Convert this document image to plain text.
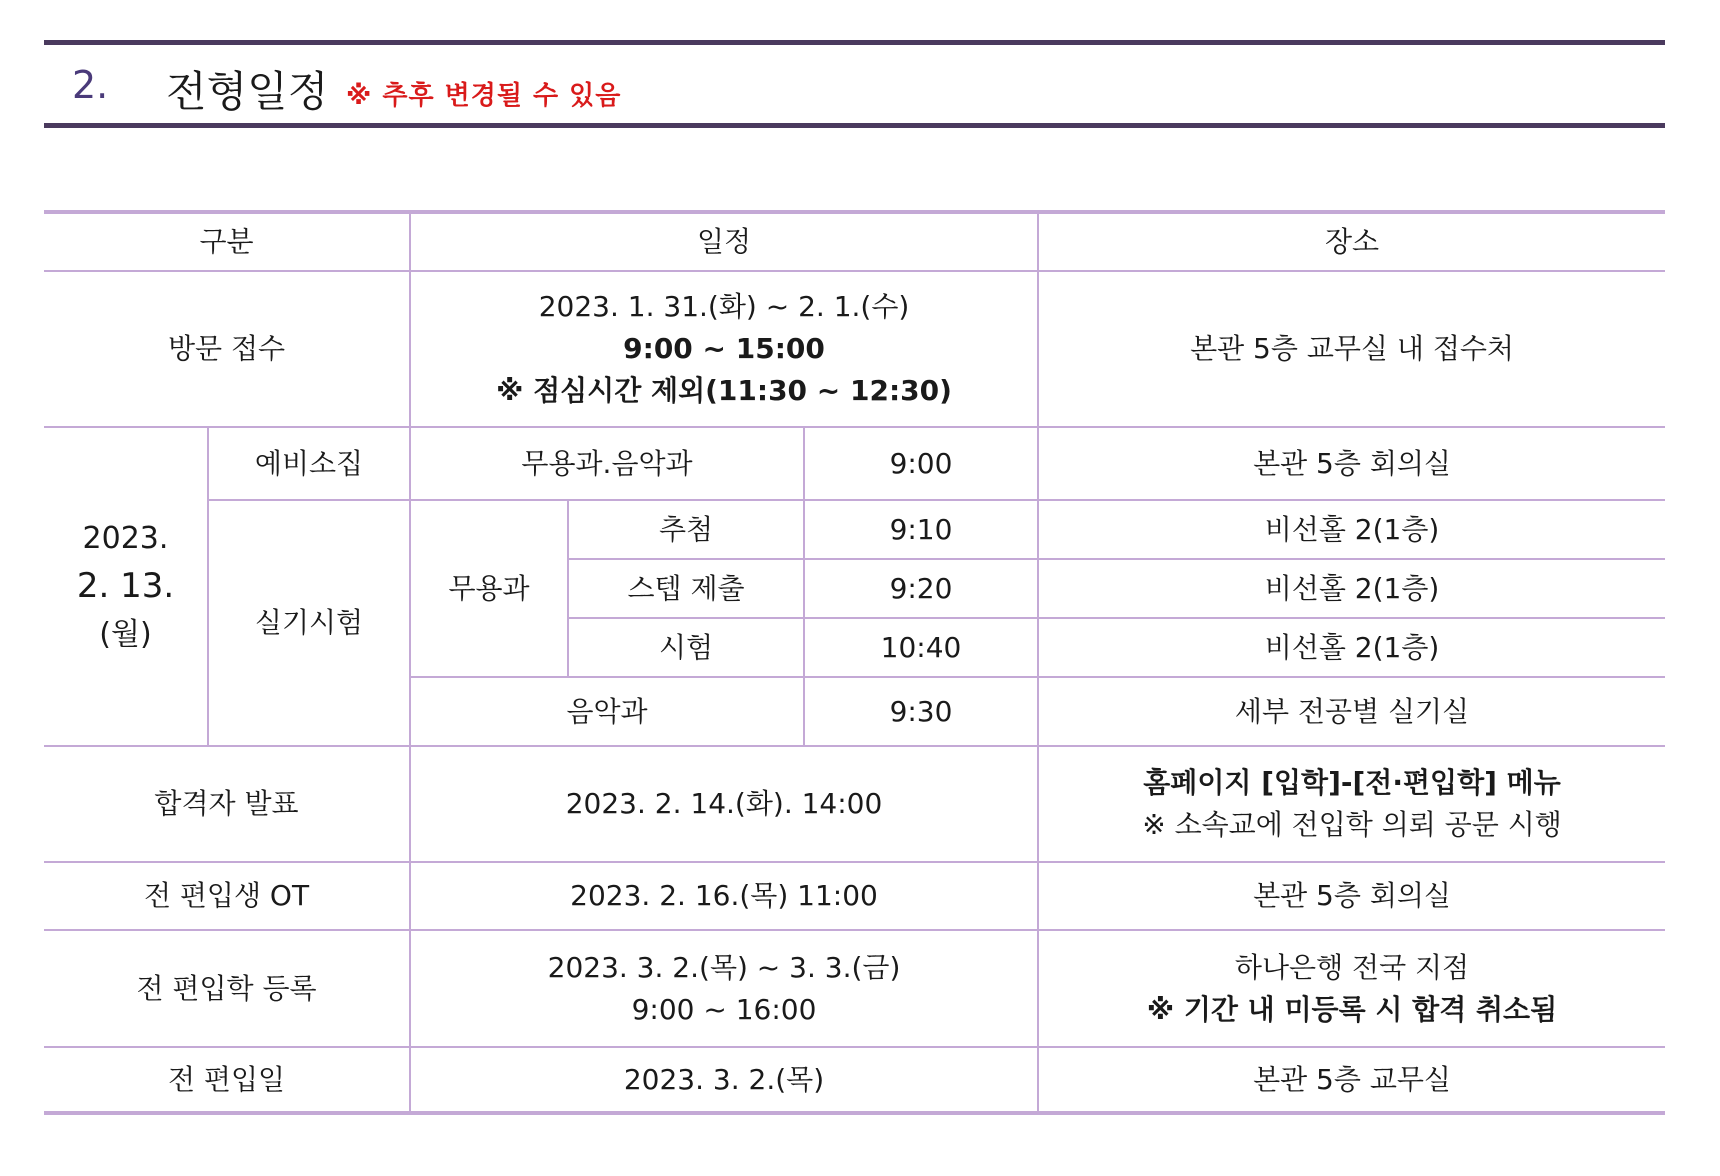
2. 전형일정 ※ 추후 변경될 수 있음
구분		일정			장소
방문 접수		2023. 1. 31.(화) ~ 2. 1.(수)
9:00 ~ 15:00
※ 점심시간 제외(11:30 ~ 12:30)			본관 5층 교무실 내 접수처

2023.
2. 13.
(월)	예비소집	무용과.음악과		9:00	본관 5층 회의실
	실기시험	무용과	추첨	9:10	비선홀 2(1층)
			스텝 제출	9:20	비선홀 2(1층)
			시험	10:40	비선홀 2(1층)
		음악과		9:30	세부 전공별 실기실
합격자 발표		2023. 2. 14.(화). 14:00			홈페이지 [입학]-[전·편입학] 메뉴
※ 소속교에 전입학 의뢰 공문 시행

전 편입생 OT		2023. 2. 16.(목) 11:00			본관 5층 회의실
전 편입학 등록		2023. 3. 2.(목) ~ 3. 3.(금)
9:00 ~ 16:00			하나은행 전국 지점
※ 기간 내 미등록 시 합격 취소됨

전 편입일		2023. 3. 2.(목)			본관 5층 교무실
